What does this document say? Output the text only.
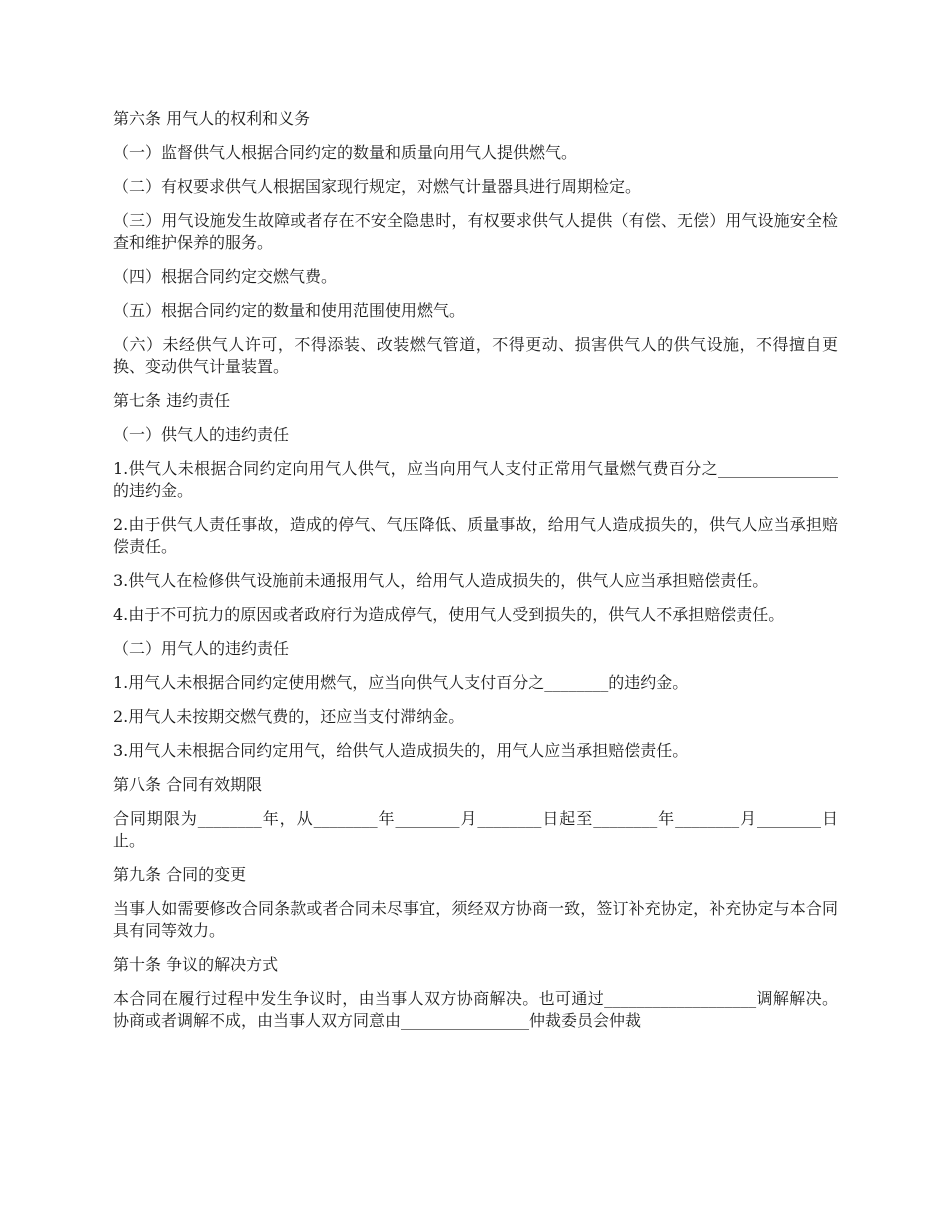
第六条 用气人的权利和义务

（一）监督供气人根据合同约定的数量和质量向用气人提供燃气。

（二）有权要求供气人根据国家现行规定，对燃气计量器具进行周期检定。

（三）用气设施发生故障或者存在不安全隐患时，有权要求供气人提供（有偿、无偿）用气设施安全检查和维护保养的服务。

（四）根据合同约定交燃气费。

（五）根据合同约定的数量和使用范围使用燃气。

（六）未经供气人许可，不得添装、改装燃气管道，不得更动、损害供气人的供气设施，不得擅自更换、变动供气计量装置。

第七条 违约责任

（一）供气人的违约责任

1.供气人未根据合同约定向用气人供气，应当向用气人支付正常用气量燃气费百分之_______________的违约金。

2.由于供气人责任事故，造成的停气、气压降低、质量事故，给用气人造成损失的，供气人应当承担赔偿责任。

3.供气人在检修供气设施前未通报用气人，给用气人造成损失的，供气人应当承担赔偿责任。

4.由于不可抗力的原因或者政府行为造成停气，使用气人受到损失的，供气人不承担赔偿责任。

（二）用气人的违约责任

1.用气人未根据合同约定使用燃气，应当向供气人支付百分之________的违约金。

2.用气人未按期交燃气费的，还应当支付滞纳金。

3.用气人未根据合同约定用气，给供气人造成损失的，用气人应当承担赔偿责任。

第八条 合同有效期限

合同期限为________年，从________年________月________日起至________年________月________日止。

第九条 合同的变更

当事人如需要修改合同条款或者合同未尽事宜，须经双方协商一致，签订补充协定，补充协定与本合同具有同等效力。

第十条 争议的解决方式

本合同在履行过程中发生争议时，由当事人双方协商解决。也可通过___________________调解解决。协商或者调解不成，由当事人双方同意由________________仲裁委员会仲裁
